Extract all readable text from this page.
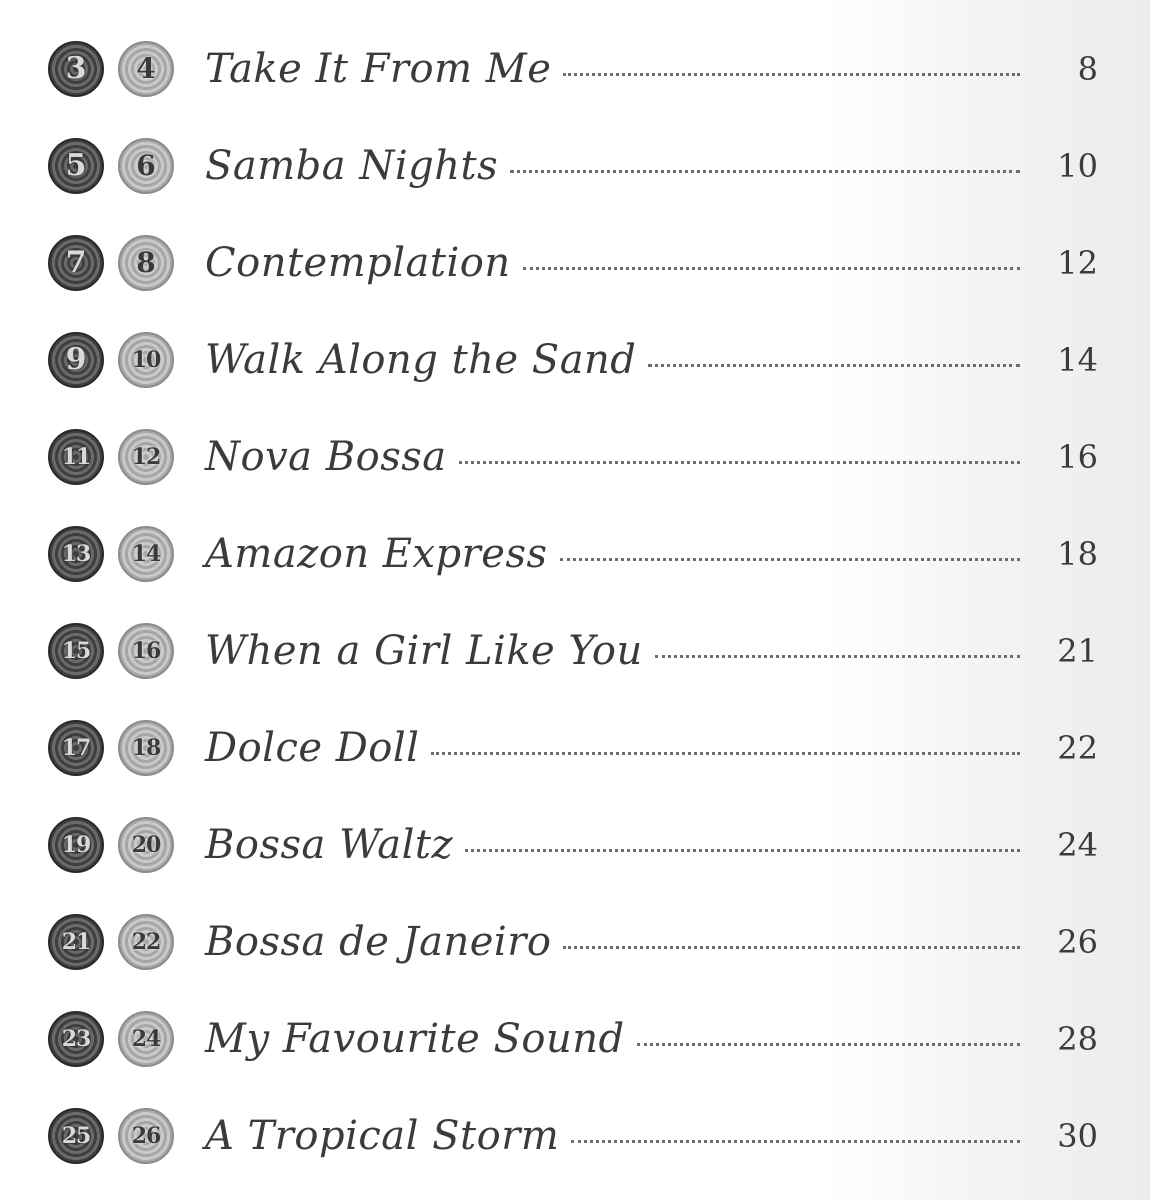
3	4	Take It From Me	8
5	6	Samba Nights	10
7	8	Contemplation	12
9	10	Walk Along the Sand	14
11	12	Nova Bossa	16
13	14	Amazon Express	18
15	16	When a Girl Like You	21
17	18	Dolce Doll	22
19	20	Bossa Waltz	24
21	22	Bossa de Janeiro	26
23	24	My Favourite Sound	28
25	26	A Tropical Storm	30
